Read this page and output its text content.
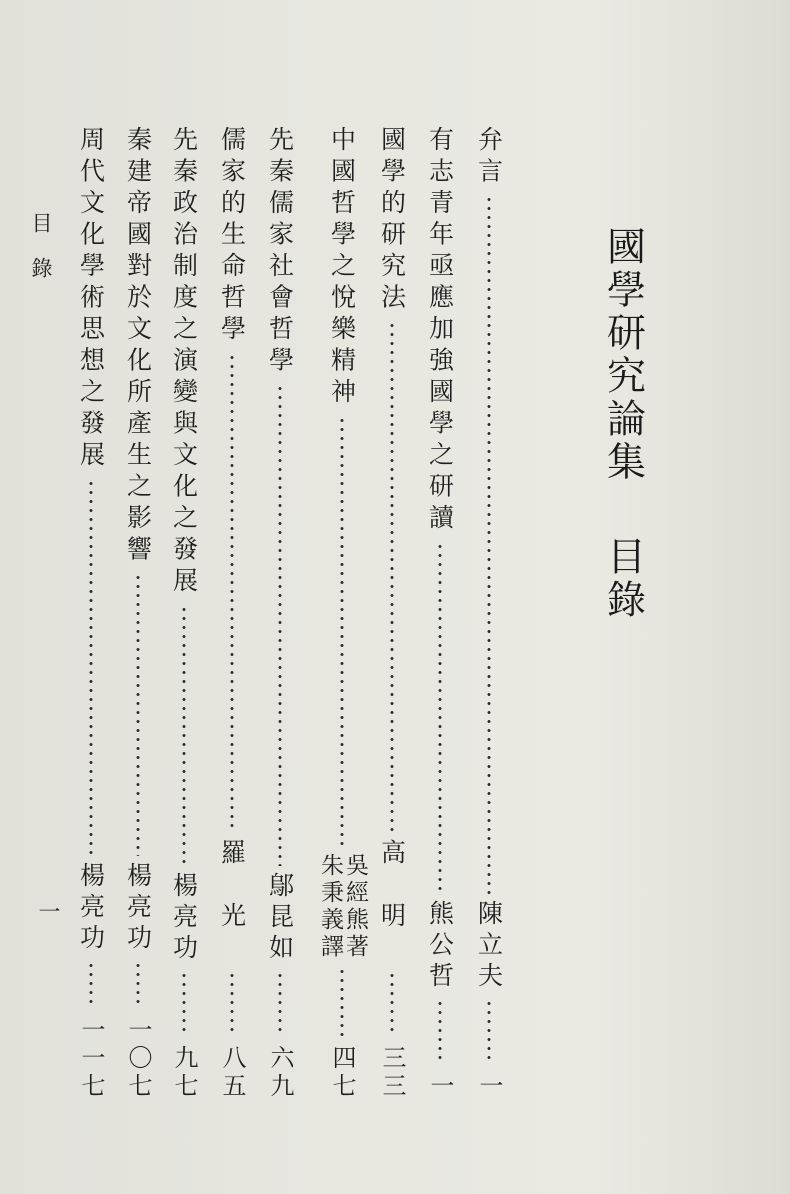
國學研究論集
目錄
弁言
陳立夫
一
有志青年亟應加強國學之研讀
熊公哲
一
國學的研究法
高明
三三
中國哲學之悅樂精神
吳經熊著
朱秉義譯
四七
先秦儒家社會哲學
鄔昆如
六九
儒家的生命哲學
羅光
八五
先秦政治制度之演變與文化之發展
楊亮功
九七
秦建帝國對於文化所產生之影響
楊亮功
一〇七
周代文化學術思想之發展
楊亮功
一一七
目錄
一
